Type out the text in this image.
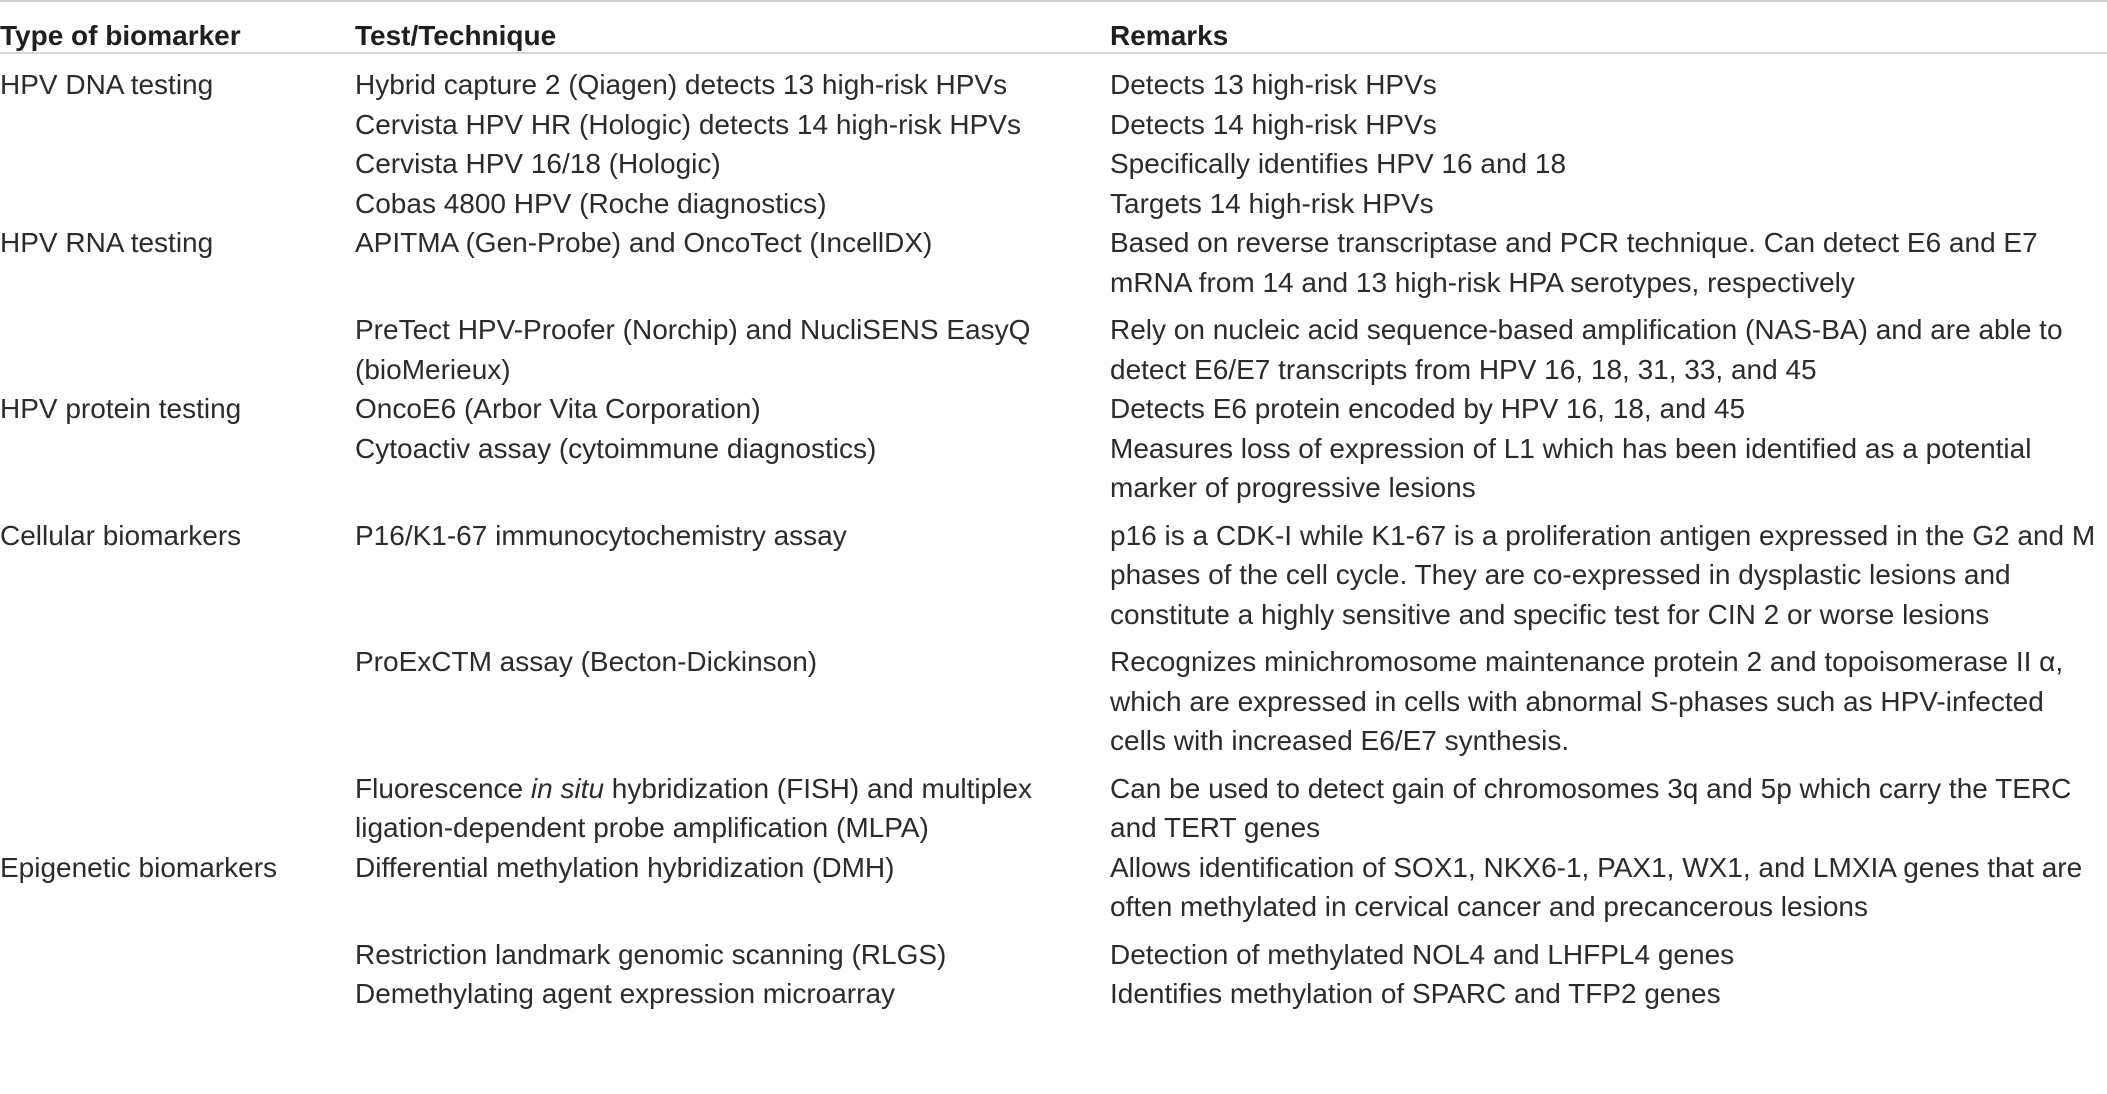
Type of biomarker	Test/Technique	Remarks
HPV DNA testing	Hybrid capture 2 (Qiagen) detects 13 high-risk HPVs	Detects 13 high-risk HPVs
	Cervista HPV HR (Hologic) detects 14 high-risk HPVs	Detects 14 high-risk HPVs
	Cervista HPV 16/18 (Hologic)	Specifically identifies HPV 16 and 18
	Cobas 4800 HPV (Roche diagnostics)	Targets 14 high-risk HPVs
HPV RNA testing	APITMA (Gen-Probe) and OncoTect (IncellDX)	Based on reverse transcriptase and PCR technique. Can detect E6 and E7 mRNA from 14 and 13 high-risk HPA serotypes, respectively
	PreTect HPV-Proofer (Norchip) and NucliSENS EasyQ (bioMerieux)	Rely on nucleic acid sequence-based amplification (NAS-BA) and are able to detect E6/E7 transcripts from HPV 16, 18, 31, 33, and 45
HPV protein testing	OncoE6 (Arbor Vita Corporation)	Detects E6 protein encoded by HPV 16, 18, and 45
	Cytoactiv assay (cytoimmune diagnostics)	Measures loss of expression of L1 which has been identified as a potential marker of progressive lesions
Cellular biomarkers	P16/K1-67 immunocytochemistry assay	p16 is a CDK-I while K1-67 is a proliferation antigen expressed in the G2 and M phases of the cell cycle. They are co-expressed in dysplastic lesions and constitute a highly sensitive and specific test for CIN 2 or worse lesions
	ProExCTM assay (Becton-Dickinson)	Recognizes minichromosome maintenance protein 2 and topoisomerase II α, which are expressed in cells with abnormal S-phases such as HPV-infected cells with increased E6/E7 synthesis.
	Fluorescence in situ hybridization (FISH) and multiplex ligation-dependent probe amplification (MLPA)	Can be used to detect gain of chromosomes 3q and 5p which carry the TERC and TERT genes
Epigenetic biomarkers	Differential methylation hybridization (DMH)	Allows identification of SOX1, NKX6-1, PAX1, WX1, and LMXIA genes that are often methylated in cervical cancer and precancerous lesions
	Restriction landmark genomic scanning (RLGS)	Detection of methylated NOL4 and LHFPL4 genes
	Demethylating agent expression microarray	Identifies methylation of SPARC and TFP2 genes
